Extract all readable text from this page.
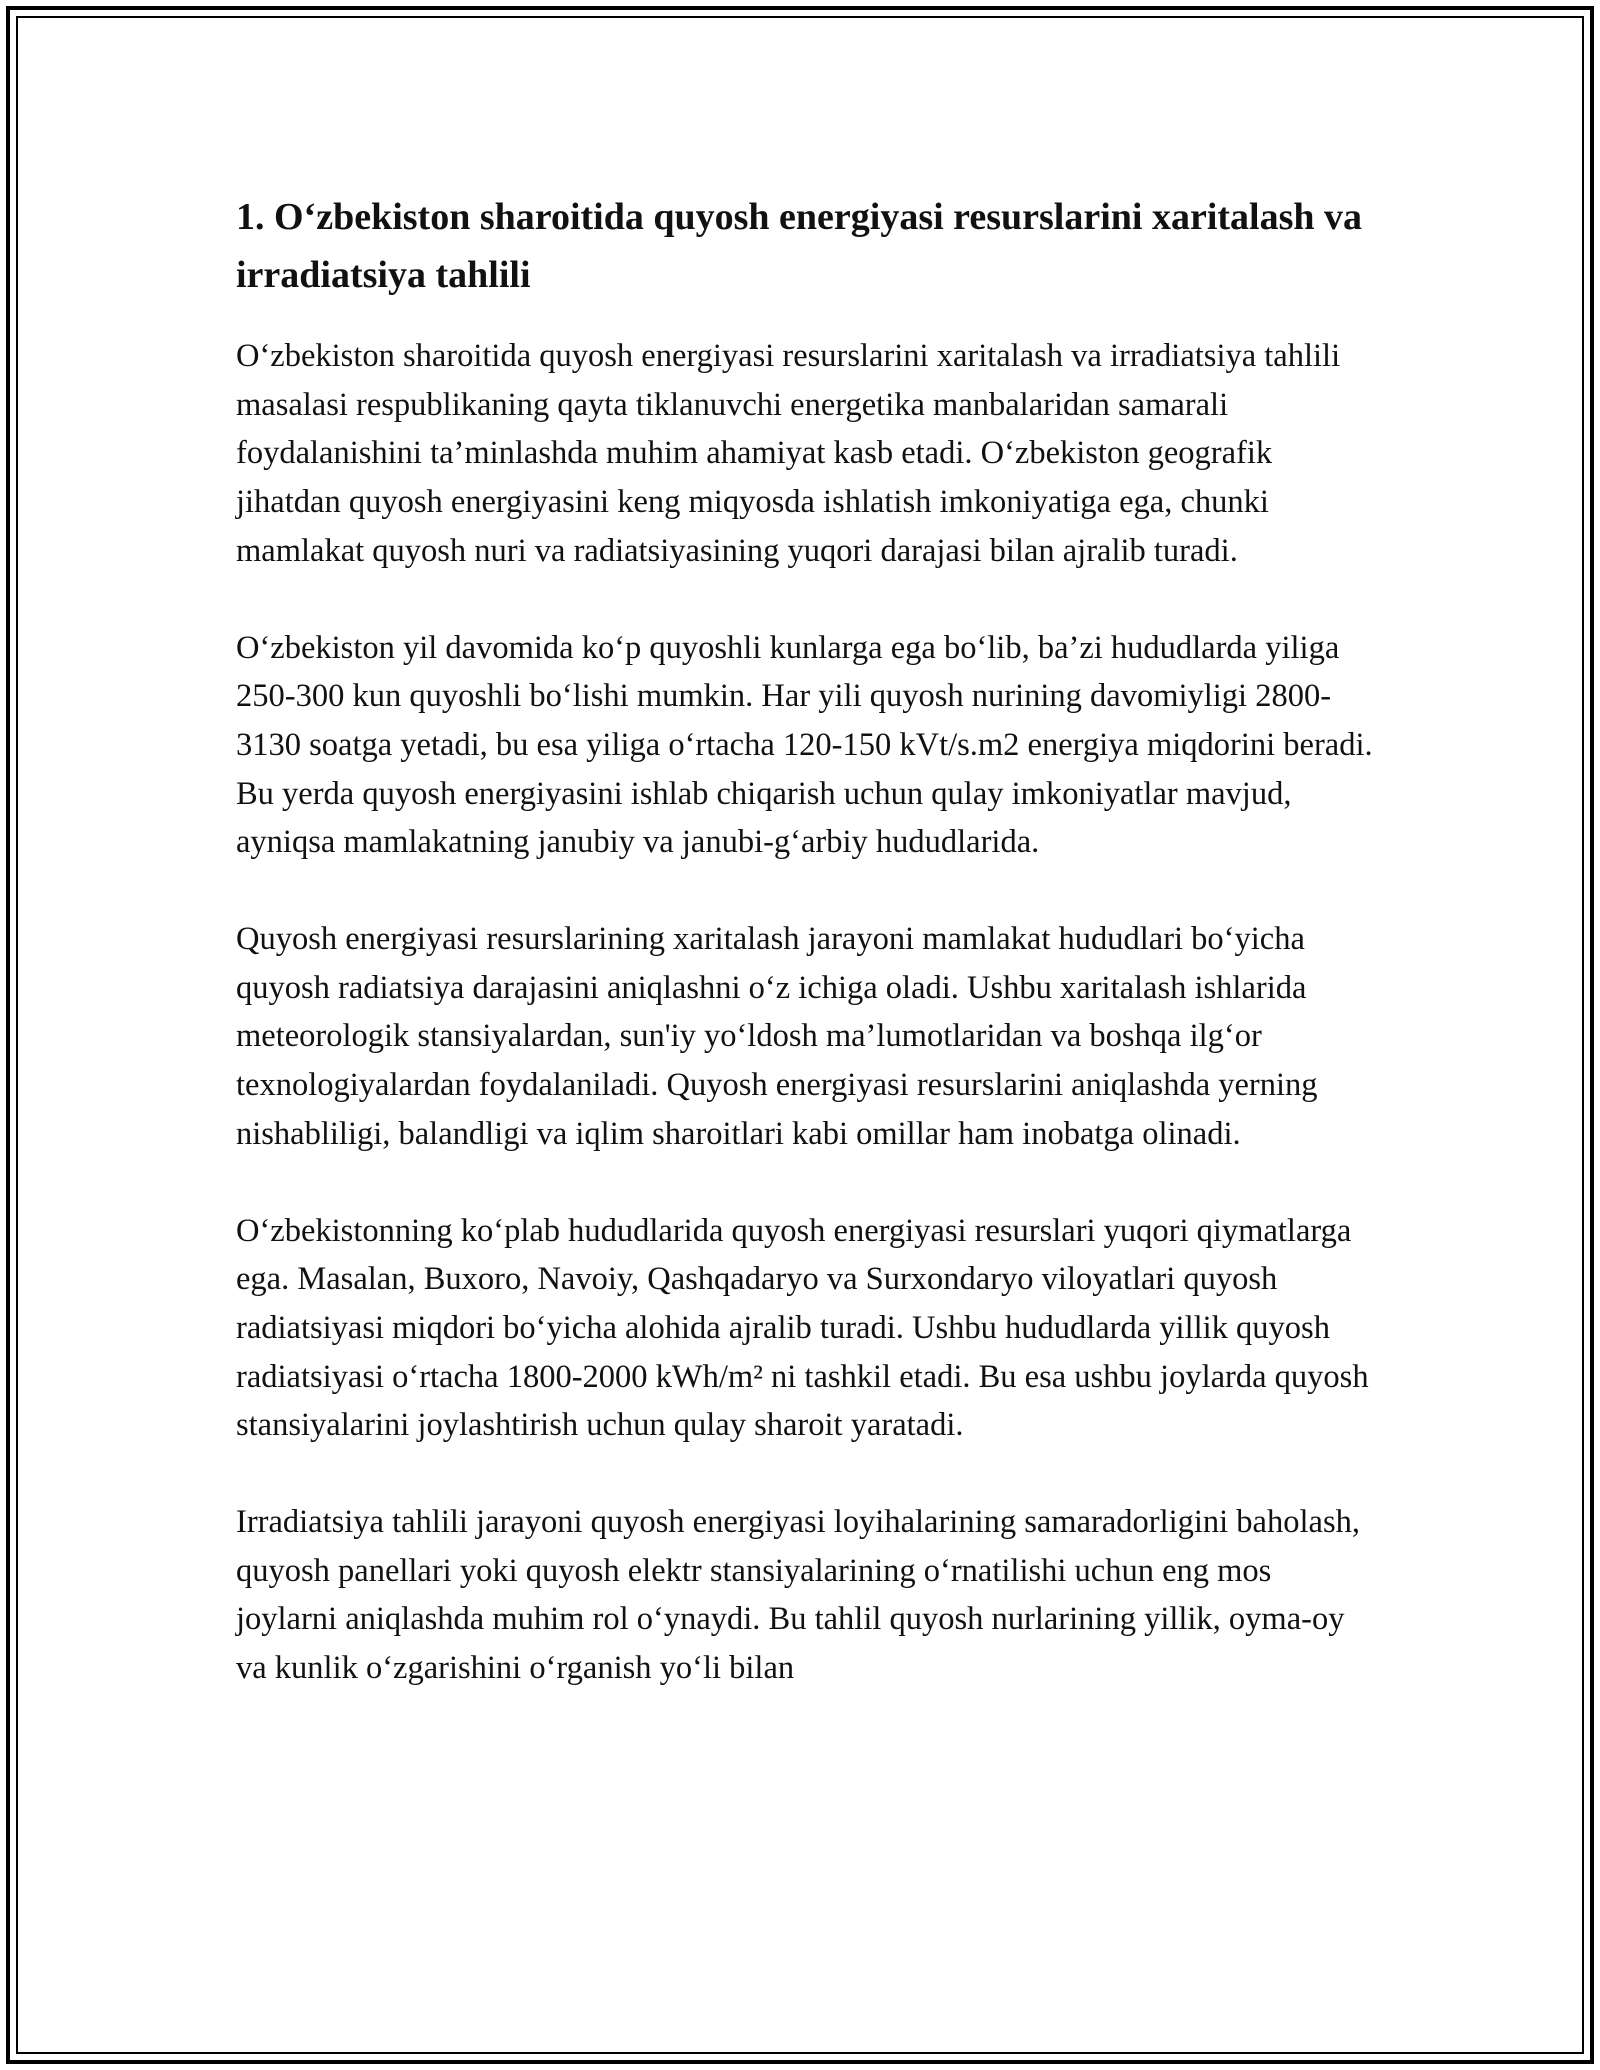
1. O‘zbekiston sharoitida quyosh energiyasi resurslarini xaritalash va irradiatsiya tahlili

O‘zbekiston sharoitida quyosh energiyasi resurslarini xaritalash va irradiatsiya tahlili masalasi respublikaning qayta tiklanuvchi energetika manbalaridan samarali foydalanishini ta’minlashda muhim ahamiyat kasb etadi. O‘zbekiston geografik jihatdan quyosh energiyasini keng miqyosda ishlatish imkoniyatiga ega, chunki mamlakat quyosh nuri va radiatsiyasining yuqori darajasi bilan ajralib turadi.

O‘zbekiston yil davomida ko‘p quyoshli kunlarga ega bo‘lib, ba’zi hududlarda yiliga 250-300 kun quyoshli bo‘lishi mumkin. Har yili quyosh nurining davomiyligi 2800-3130 soatga yetadi, bu esa yiliga o‘rtacha 120-150 kVt/s.m2 energiya miqdorini beradi. Bu yerda quyosh energiyasini ishlab chiqarish uchun qulay imkoniyatlar mavjud, ayniqsa mamlakatning janubiy va janubi-g‘arbiy hududlarida.

Quyosh energiyasi resurslarining xaritalash jarayoni mamlakat hududlari bo‘yicha quyosh radiatsiya darajasini aniqlashni o‘z ichiga oladi. Ushbu xaritalash ishlarida meteorologik stansiyalardan, sun'iy yo‘ldosh ma’lumotlaridan va boshqa ilg‘or texnologiyalardan foydalaniladi. Quyosh energiyasi resurslarini aniqlashda yerning nishabliligi, balandligi va iqlim sharoitlari kabi omillar ham inobatga olinadi.

O‘zbekistonning ko‘plab hududlarida quyosh energiyasi resurslari yuqori qiymatlarga ega. Masalan, Buxoro, Navoiy, Qashqadaryo va Surxondaryo viloyatlari quyosh radiatsiyasi miqdori bo‘yicha alohida ajralib turadi. Ushbu hududlarda yillik quyosh radiatsiyasi o‘rtacha 1800-2000 kWh/m² ni tashkil etadi. Bu esa ushbu joylarda quyosh stansiyalarini joylashtirish uchun qulay sharoit yaratadi.

Irradiatsiya tahlili jarayoni quyosh energiyasi loyihalarining samaradorligini baholash, quyosh panellari yoki quyosh elektr stansiyalarining o‘rnatilishi uchun eng mos joylarni aniqlashda muhim rol o‘ynaydi. Bu tahlil quyosh nurlarining yillik, oyma-oy va kunlik o‘zgarishini o‘rganish yo‘li bilan
